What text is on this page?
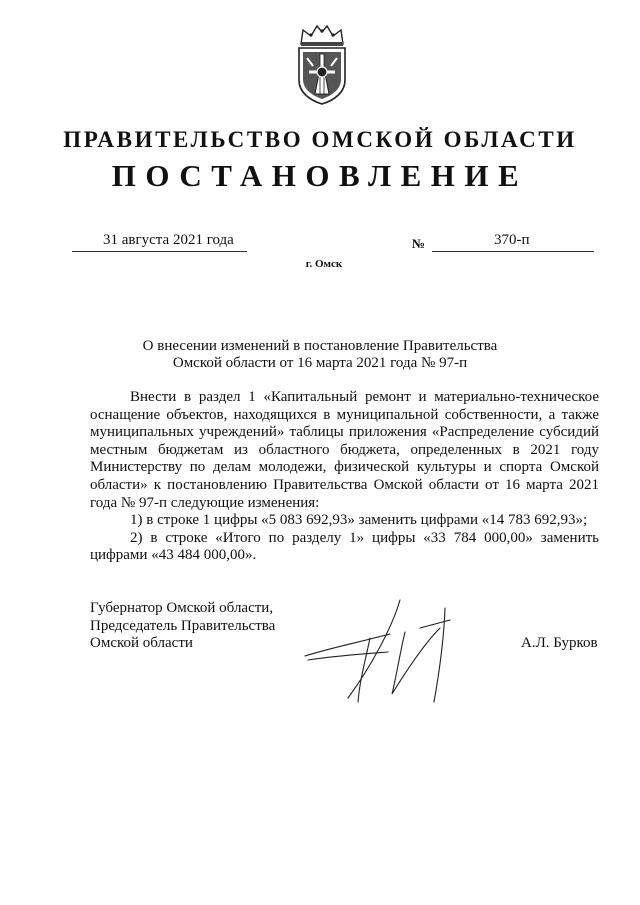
ПРАВИТЕЛЬСТВО ОМСКОЙ ОБЛАСТИ
ПОСТАНОВЛЕНИЕ
31 августа 2021 года	№	370-п
г. Омск
О внесении изменений в постановление Правительства
Омской области от 16 марта 2021 года № 97-п

Внести в раздел 1 «Капитальный ремонт и материально-техническое оснащение объектов, находящихся в муниципальной собственности, а также муниципальных учреждений» таблицы приложения «Распределение субсидий местным бюджетам из областного бюджета, определенных в 2021 году Министерству по делам молодежи, физической культуры и спорта Омской области» к постановлению Правительства Омской области от 16 марта 2021 года № 97-п следующие изменения:

1) в строке 1 цифры «5 083 692,93» заменить цифрами «14 783 692,93»;

2) в строке «Итого по разделу 1» цифры «33 784 000,00» заменить цифрами «43 484 000,00».

Губернатор Омской области,
Председатель Правительства
Омской области	А.Л. Бурков
